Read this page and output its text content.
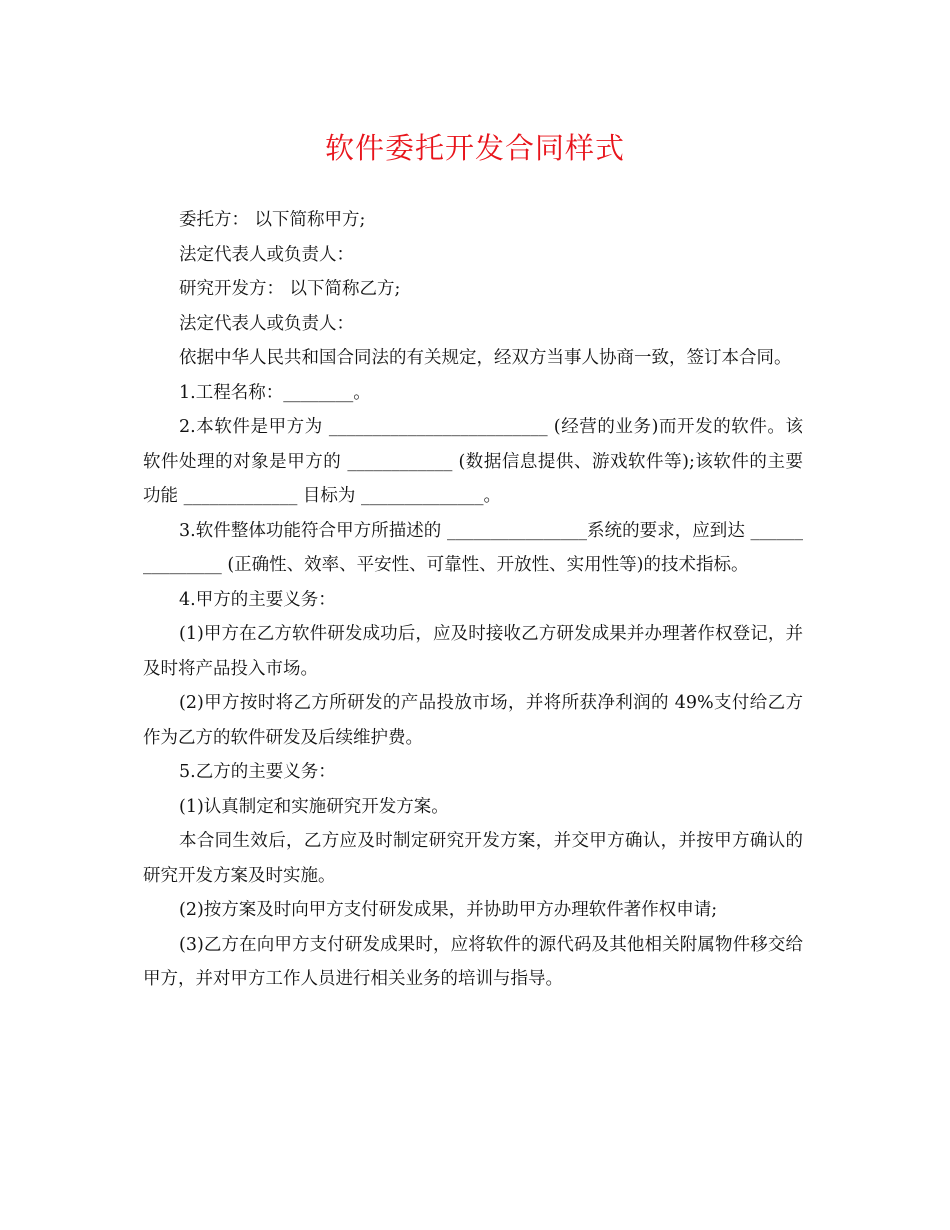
软件委托开发合同样式

委托方： 以下简称甲方;

法定代表人或负责人：

研究开发方： 以下简称乙方;

法定代表人或负责人：

依据中华人民共和国合同法的有关规定，经双方当事人协商一致，签订本合同。

1.工程名称：________。

2.本软件是甲方为 _________________________ (经营的业务)而开发的软件。该软件处理的对象是甲方的 ____________ (数据信息提供、游戏软件等);该软件的主要功能 _____________ 目标为 ______________。

3.软件整体功能符合甲方所描述的 ________________系统的要求，应到达 _______________ (正确性、效率、平安性、可靠性、开放性、实用性等)的技术指标。

4.甲方的主要义务：

(1)甲方在乙方软件研发成功后，应及时接收乙方研发成果并办理著作权登记，并及时将产品投入市场。

(2)甲方按时将乙方所研发的产品投放市场，并将所获净利润的 49%支付给乙方作为乙方的软件研发及后续维护费。

5.乙方的主要义务：

(1)认真制定和实施研究开发方案。

本合同生效后，乙方应及时制定研究开发方案，并交甲方确认，并按甲方确认的研究开发方案及时实施。

(2)按方案及时向甲方支付研发成果，并协助甲方办理软件著作权申请;

(3)乙方在向甲方支付研发成果时，应将软件的源代码及其他相关附属物件移交给甲方，并对甲方工作人员进行相关业务的培训与指导。
